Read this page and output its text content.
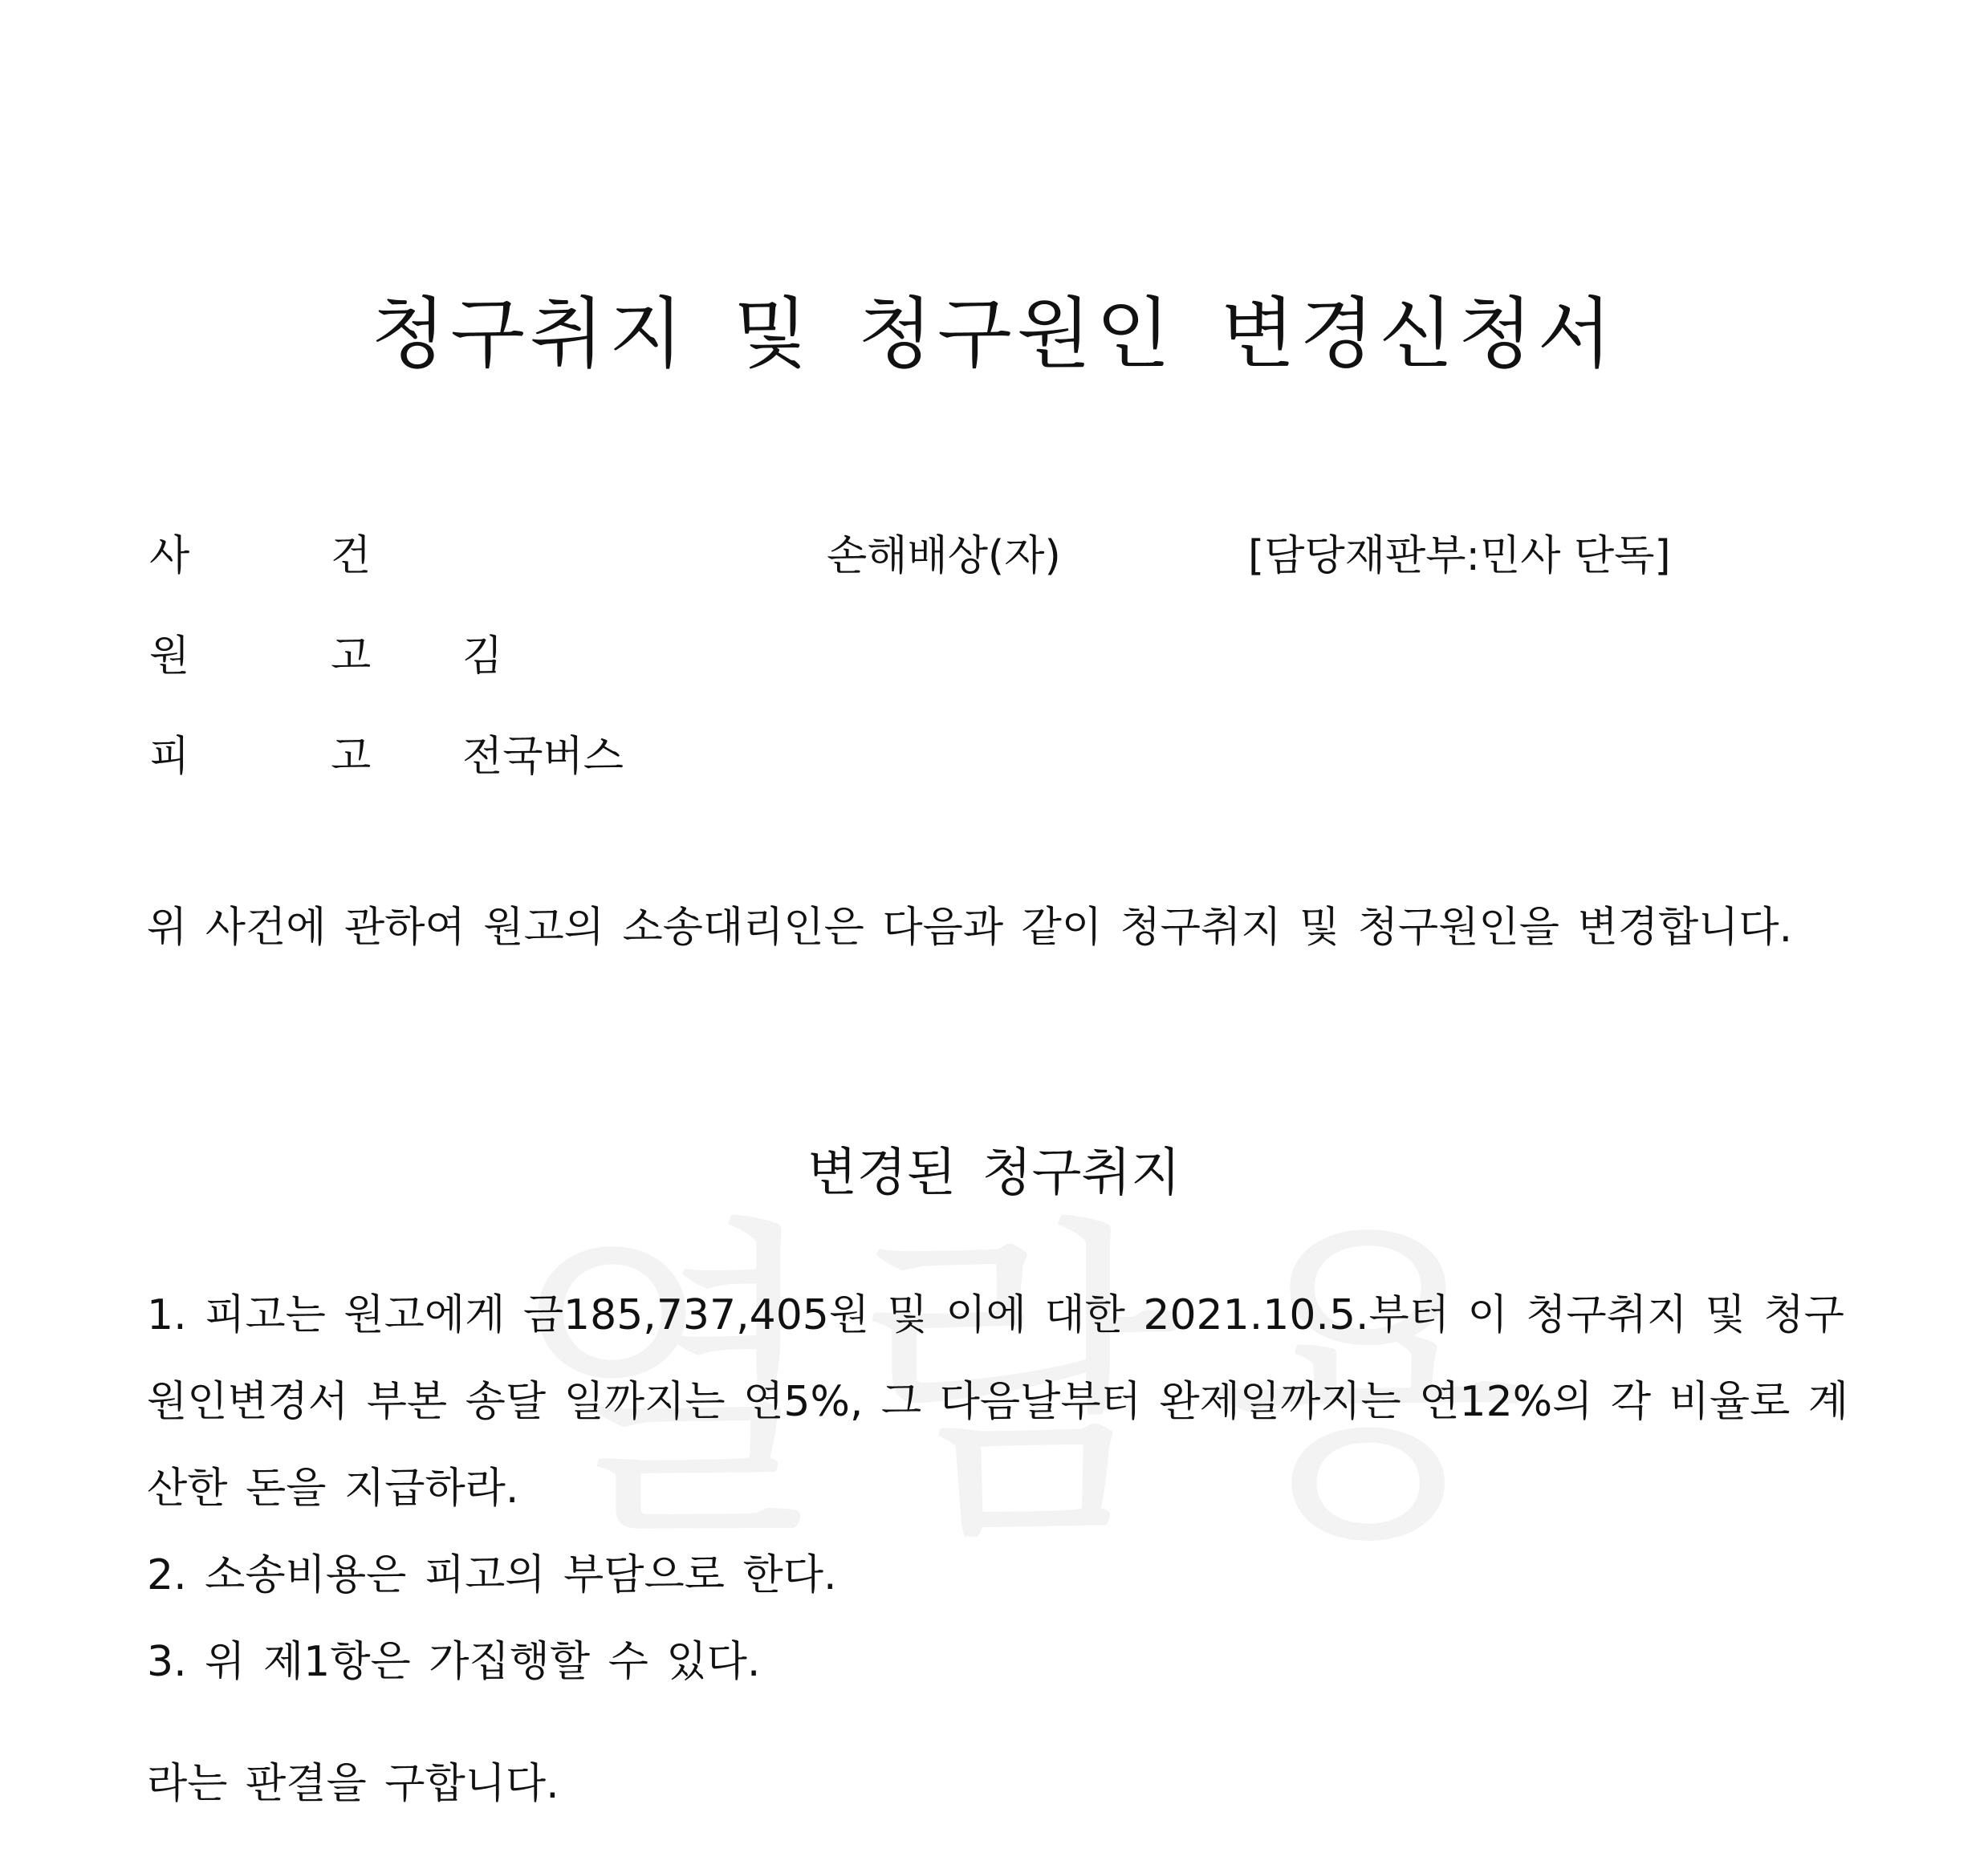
청구취지 및 청구원인 변경신청서
사	건	손해배상(자)	[담당재판부:민사 단독]
원	고 김
피	고 전국버스
위 사건에 관하여 원고의 소송대리인은 다음과 같이 청구취지 및 청구원인을 변경합니다.
변경된 청구취지

1. 피고는 원고에게 금185,737,405원 및 이에 대한 2021.10.5.부터 이 청구취지 및 청구원인변경서 부본 송달 일까지는 연5%, 그 다음날부터 완제일까지는 연12%의 각 비율로 계산한 돈을 지급하라.

2. 소송비용은 피고의 부담으로 한다.

3. 위 제1항은 가집행할 수 있다.

라는 판결을 구합니다.
